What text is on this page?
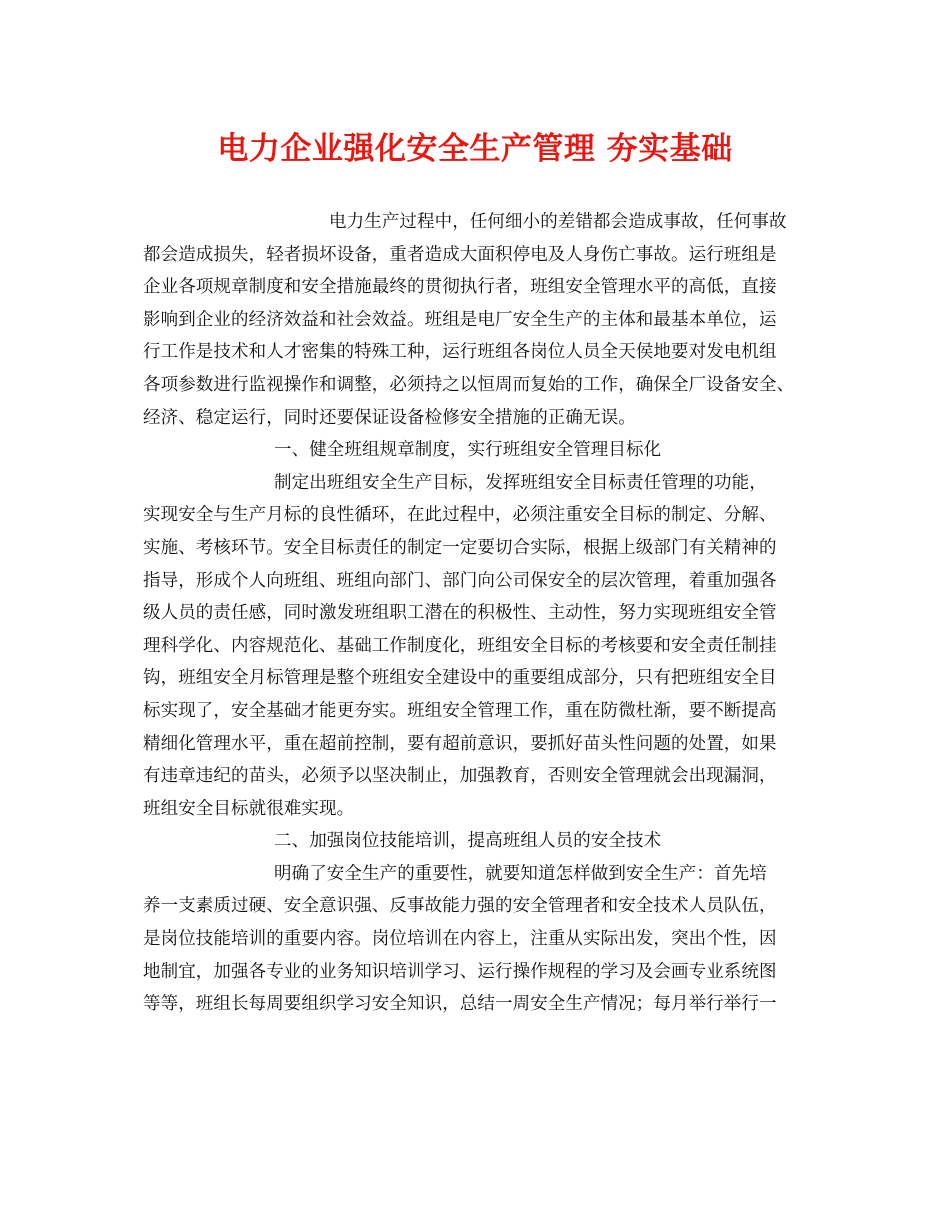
电力企业强化安全生产管理 夯实基础
电力生产过程中，任何细小的差错都会造成事故，任何事故
都会造成损失，轻者损坏设备，重者造成大面积停电及人身伤亡事故。运行班组是
企业各项规章制度和安全措施最终的贯彻执行者，班组安全管理水平的高低，直接
影响到企业的经济效益和社会效益。班组是电厂安全生产的主体和最基本单位，运
行工作是技术和人才密集的特殊工种，运行班组各岗位人员全天侯地要对发电机组
各项参数进行监视操作和调整，必须持之以恒周而复始的工作，确保全厂设备安全、
经济、稳定运行，同时还要保证设备检修安全措施的正确无误。
一、健全班组规章制度，实行班组安全管理目标化
制定出班组安全生产目标，发挥班组安全目标责任管理的功能，
实现安全与生产月标的良性循环，在此过程中，必须注重安全目标的制定、分解、
实施、考核环节。安全目标责任的制定一定要切合实际，根据上级部门有关精神的
指导，形成个人向班组、班组向部门、部门向公司保安全的层次管理，着重加强各
级人员的责任感，同时激发班组职工潜在的积极性、主动性，努力实现班组安全管
理科学化、内容规范化、基础工作制度化，班组安全目标的考核要和安全责任制挂
钩，班组安全月标管理是整个班组安全建设中的重要组成部分，只有把班组安全目
标实现了，安全基础才能更夯实。班组安全管理工作，重在防微杜渐，要不断提高
精细化管理水平，重在超前控制，要有超前意识，要抓好苗头性问题的处置，如果
有违章违纪的苗头，必须予以坚决制止，加强教育，否则安全管理就会出现漏洞，
班组安全目标就很难实现。
二、加强岗位技能培训，提高班组人员的安全技术
明确了安全生产的重要性，就要知道怎样做到安全生产：首先培
养一支素质过硬、安全意识强、反事故能力强的安全管理者和安全技术人员队伍，
是岗位技能培训的重要内容。岗位培训在内容上，注重从实际出发，突出个性，因
地制宜，加强各专业的业务知识培训学习、运行操作规程的学习及会画专业系统图
等等，班组长每周要组织学习安全知识，总结一周安全生产情况；每月举行举行一
